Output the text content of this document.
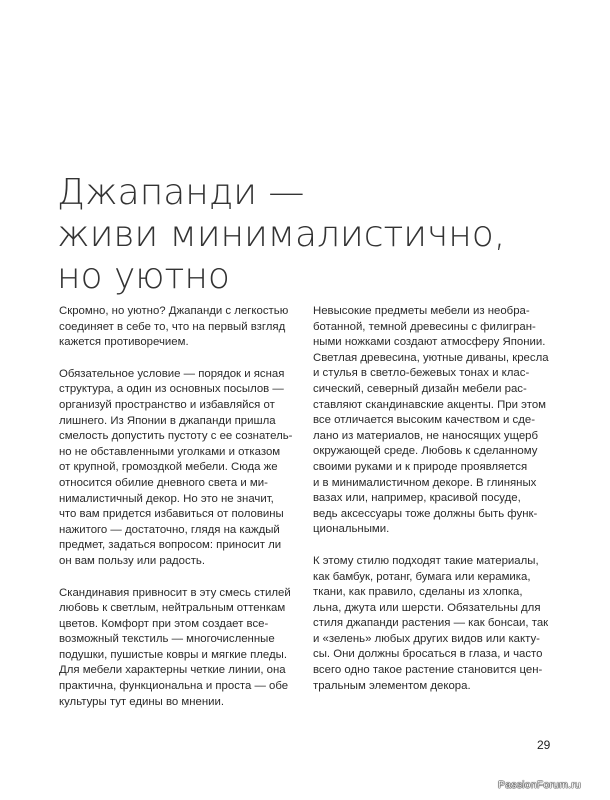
Джапанди —
живи минималистично,
но уютно

Скромно, но уютно? Джапанди с легкостью
соединяет в себе то, что на первый взгляд
кажется противоречием.

Обязательное условие — порядок и ясная
структура, а один из основных посылов —
организуй пространство и избавляйся от
лишнего. Из Японии в джапанди пришла
смелость допустить пустоту с ее сознатель-
но не обставленными уголками и отказом
от крупной, громоздкой мебели. Сюда же
относится обилие дневного света и ми-
нималистичный декор. Но это не значит,
что вам придется избавиться от половины
нажитого — достаточно, глядя на каждый
предмет, задаться вопросом: приносит ли
он вам пользу или радость.

Скандинавия привносит в эту смесь стилей
любовь к светлым, нейтральным оттенкам
цветов. Комфорт при этом создает все-
возможный текстиль — многочисленные
подушки, пушистые ковры и мягкие пледы.
Для мебели характерны четкие линии, она
практична, функциональна и проста — обе
культуры тут едины во мнении.

Невысокие предметы мебели из необра-
ботанной, темной древесины с филигран-
ными ножками создают атмосферу Японии.
Светлая древесина, уютные диваны, кресла
и стулья в светло-бежевых тонах и клас-
сический, северный дизайн мебели рас-
ставляют скандинавские акценты. При этом
все отличается высоким качеством и сде-
лано из материалов, не наносящих ущерб
окружающей среде. Любовь к сделанному
своими руками и к природе проявляется
и в минималистичном декоре. В глиняных
вазах или, например, красивой посуде,
ведь аксессуары тоже должны быть функ-
циональными.

К этому стилю подходят такие материалы,
как бамбук, ротанг, бумага или керамика,
ткани, как правило, сделаны из хлопка,
льна, джута или шерсти. Обязательны для
стиля джапанди растения — как бонсаи, так
и «зелень» любых других видов или какту-
сы. Они должны бросаться в глаза, и часто
всего одно такое растение становится цен-
тральным элементом декора.

29
PassionForum.ru
